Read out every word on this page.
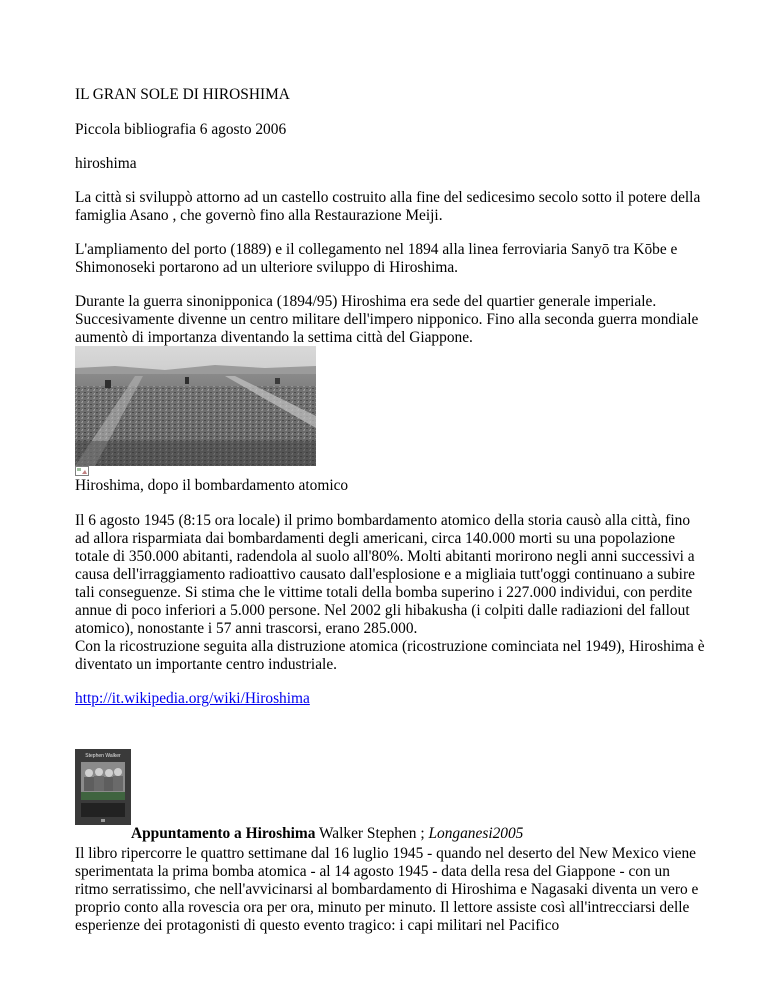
IL GRAN SOLE DI HIROSHIMA

Piccola bibliografia 6 agosto 2006

hiroshima

La città si sviluppò attorno ad un castello costruito alla fine del sedicesimo secolo sotto il potere della famiglia Asano , che governò fino alla Restaurazione Meiji.

L'ampliamento del porto (1889) e il collegamento nel 1894 alla linea ferroviaria Sanyō tra Kōbe e Shimonoseki portarono ad un ulteriore sviluppo di Hiroshima.

Durante la guerra sinonipponica (1894/95) Hiroshima era sede del quartier generale imperiale. Succesivamente divenne un centro militare dell'impero nipponico. Fino alla seconda guerra mondiale aumentò di importanza diventando la settima città del Giappone.

Hiroshima, dopo il bombardamento atomico

Il 6 agosto 1945 (8:15 ora locale) il primo bombardamento atomico della storia causò alla città, fino ad allora risparmiata dai bombardamenti degli americani, circa 140.000 morti su una popolazione totale di 350.000 abitanti, radendola al suolo all'80%. Molti abitanti morirono negli anni successivi a causa dell'irraggiamento radioattivo causato dall'esplosione e a migliaia tutt'oggi continuano a subire tali conseguenze. Si stima che le vittime totali della bomba superino i 227.000 individui, con perdite annue di poco inferiori a 5.000 persone. Nel 2002 gli hibakusha (i colpiti dalle radiazioni del fallout atomico), nonostante i 57 anni trascorsi, erano 285.000.

Con la ricostruzione seguita alla distruzione atomica (ricostruzione cominciata nel 1949), Hiroshima è diventato un importante centro industriale.

http://it.wikipedia.org/wiki/Hiroshima

Stephen Walker

Appuntamento a Hiroshima Walker Stephen ; Longanesi2005

Il libro ripercorre le quattro settimane dal 16 luglio 1945 - quando nel deserto del New Mexico viene sperimentata la prima bomba atomica - al 14 agosto 1945 - data della resa del Giappone - con un ritmo serratissimo, che nell'avvicinarsi al bombardamento di Hiroshima e Nagasaki diventa un vero e proprio conto alla rovescia ora per ora, minuto per minuto. Il lettore assiste così all'intrecciarsi delle esperienze dei protagonisti di questo evento tragico: i capi militari nel Pacifico
